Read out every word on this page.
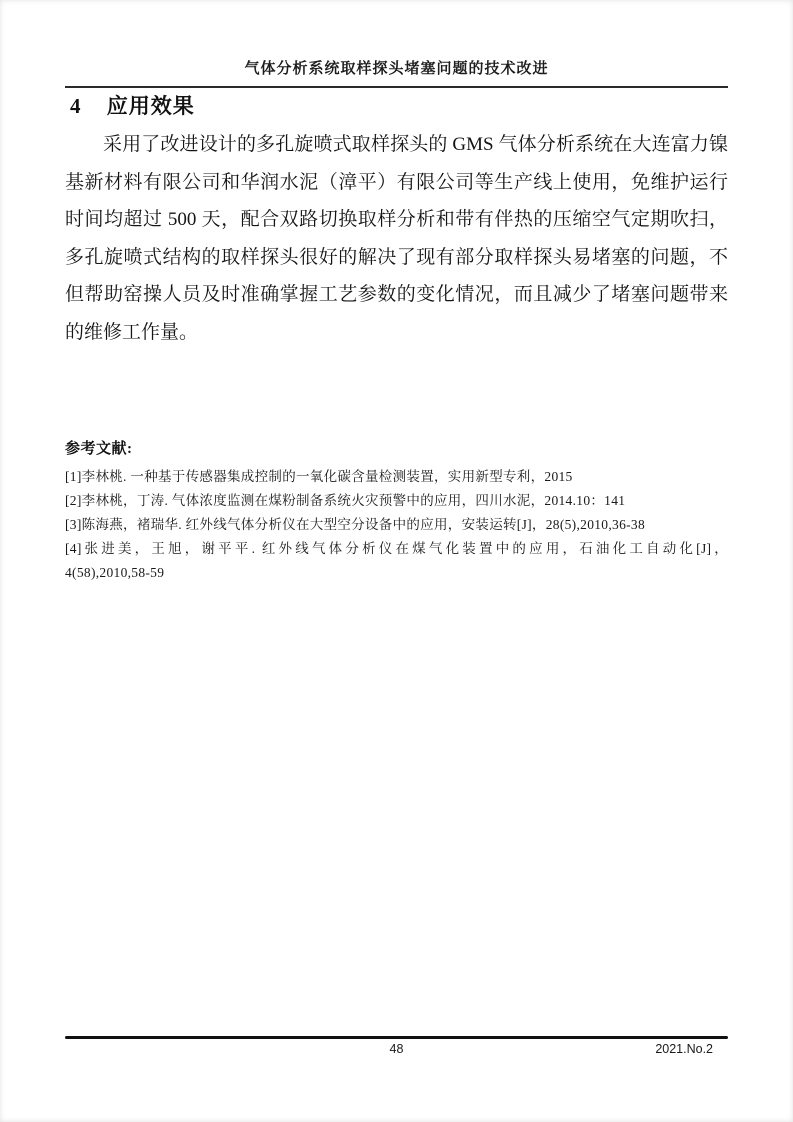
气体分析系统取样探头堵塞问题的技术改进
4 应用效果

采用了改进设计的多孔旋喷式取样探头的 GMS 气体分析系统在大连富力镍基新材料有限公司和华润水泥（漳平）有限公司等生产线上使用，免维护运行时间均超过 500 天，配合双路切换取样分析和带有伴热的压缩空气定期吹扫，多孔旋喷式结构的取样探头很好的解决了现有部分取样探头易堵塞的问题，不但帮助窑操人员及时准确掌握工艺参数的变化情况，而且减少了堵塞问题带来的维修工作量。

参考文献:
[1]李林桃. 一种基于传感器集成控制的一氧化碳含量检测装置，实用新型专利，2015
[2]李林桃，丁涛. 气体浓度监测在煤粉制备系统火灾预警中的应用，四川水泥，2014.10：141
[3]陈海燕，褚瑞华. 红外线气体分析仪在大型空分设备中的应用，安装运转[J]，28(5),2010,36-38
[4]张进美，王旭，谢平平. 红外线气体分析仪在煤气化装置中的应用，石油化工自动化[J]，
4(58),2010,58-59
48	2021.No.2
